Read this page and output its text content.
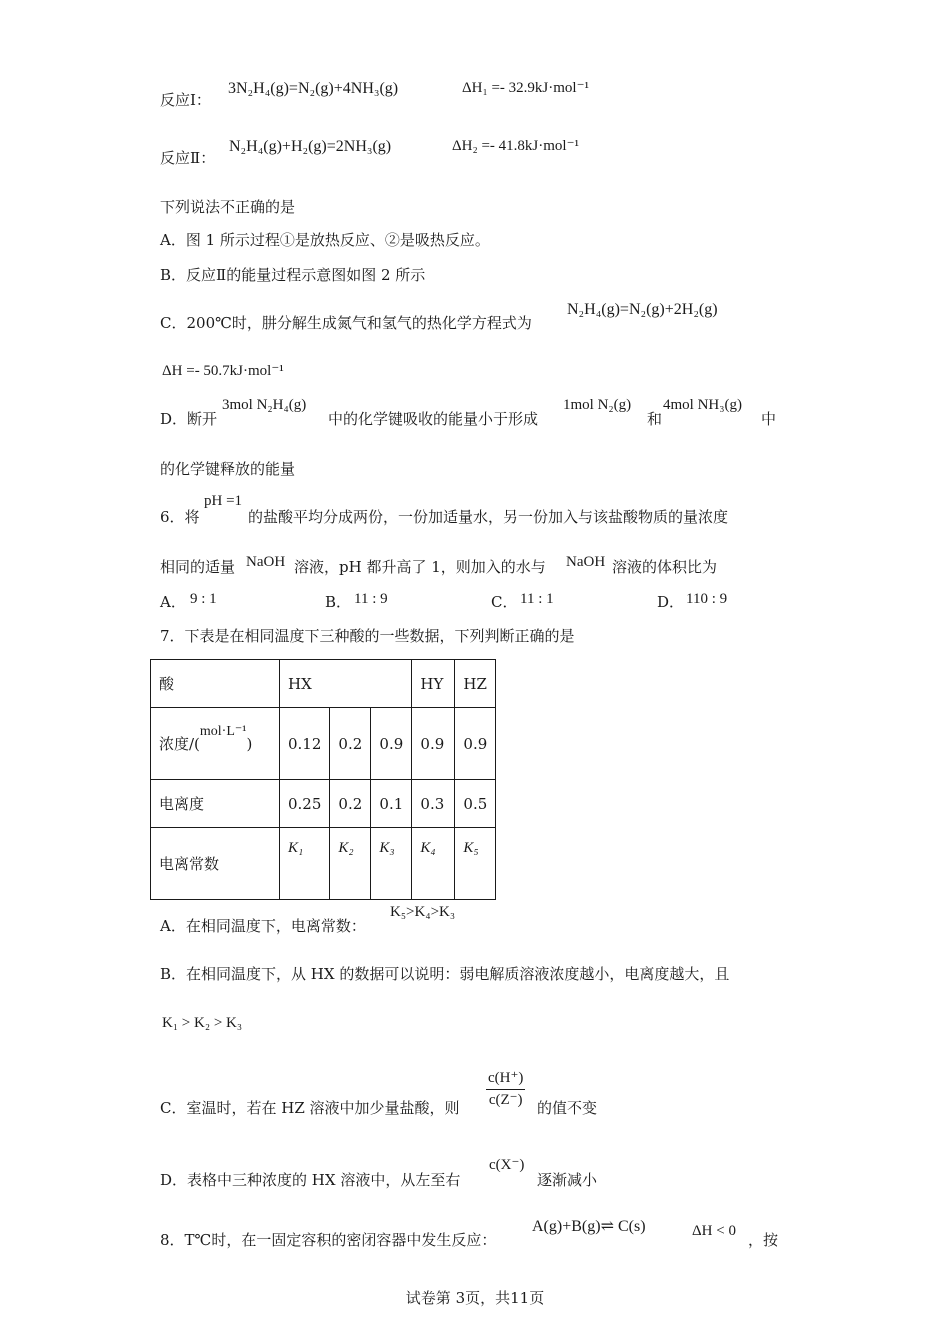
反应Ⅰ：
3N₂H₄(g)=N₂(g)+4NH₃(g)	ΔH₁ =- 32.9kJ·mol⁻¹
反应Ⅱ：
N₂H₄(g)+H₂(g)=2NH₃(g)	ΔH₂ =- 41.8kJ·mol⁻¹
下列说法不正确的是
A．图 1 所示过程①是放热反应、②是吸热反应。
B．反应Ⅱ的能量过程示意图如图 2 所示
C．200℃时，肼分解生成氮气和氢气的热化学方程式为
N₂H₄(g)=N₂(g)+2H₂(g)
ΔH =- 50.7kJ·mol⁻¹
D．断开
3mol N₂H₄(g)
中的化学键吸收的能量小于形成
1mol N₂(g)
和
4mol NH₃(g)
中
的化学键释放的能量
6．将
pH =1
的盐酸平均分成两份，一份加适量水，另一份加入与该盐酸物质的量浓度
相同的适量 NaOH 溶液，pH 都升高了 1，则加入的水与 NaOH 溶液的体积比为
A． 9 : 1	B． 11 : 9	C． 11 : 1	D． 110 : 9
7．下表是在相同温度下三种酸的一些数据，下列判断正确的是
酸	HX			HY	HZ
浓度/(mol·L⁻¹)	0.12	0.2	0.9	0.9	0.9
电离度	0.25	0.2	0.1	0.3	0.5
电离常数	K₁	K₂	K₃	K₄	K₅
A．在相同温度下，电离常数：
K₅>K₄>K₃
B．在相同温度下，从 HX 的数据可以说明：弱电解质溶液浓度越小，电离度越大，且
K₁ > K₂ > K₃
C．室温时，若在 HZ 溶液中加少量盐酸，则 $\frac{c(H^+)}{c(Z^-)}$ 的值不变
D．表格中三种浓度的 HX 溶液中，从左至右
c(X⁻)
逐渐减小
8．T℃时，在一固定容积的密闭容器中发生反应：
A(g)+B(g)⇌ C(s)	ΔH < 0 ，按
试卷第 3页，共11页
